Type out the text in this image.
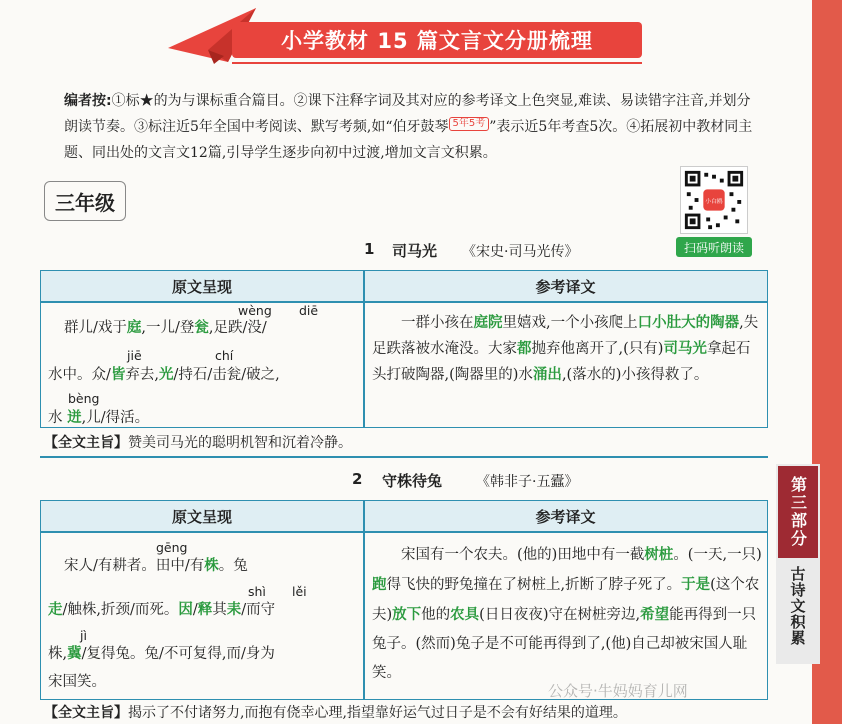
小学教材 15 篇文言文分册梳理
编者按:①标★的为与课标重合篇目。②课下注释字词及其对应的参考译文上色突显,难读、易读错字注音,并划分朗读节奏。③标注近5年全国中考阅读、默写考频,如“伯牙鼓琴 5年5考 ”表示近5年考查5次。④拓展初中教材同主题、同出处的文言文12篇,引导学生逐步向初中过渡,增加文言文积累。
三年级	小白鸥
扫码听朗读
1 司马光 《宋史·司马光传》
原文呈现	参考译文
wèng diē
群儿/戏于庭,一儿/登瓮,足跌/没/
jiē	chí
水中。众/皆弃去,光/持石/击瓮/破之,
bèng
水 迸,儿/得活。
一群小孩在庭院里嬉戏,一个小孩爬上口小肚大的陶器,失足跌落被水淹没。大家都抛弃他离开了,(只有)司马光拿起石头打破陶器,(陶器里的)水涌出,(落水的)小孩得救了。
【全文主旨】赞美司马光的聪明机智和沉着冷静。
2 守株待兔 《韩非子·五蠹》
原文呈现	参考译文
gēng
宋人/有耕者。田中/有株。兔
shì lěi
走/触株,折颈/而死。因/释其耒/而守
jì
株,冀/复得兔。兔/不可复得,而/身为
宋国笑。
宋国有一个农夫。(他的)田地中有一截树桩。(一天,一只)跑得飞快的野兔撞在了树桩上,折断了脖子死了。于是(这个农夫)放下他的农具(日日夜夜)守在树桩旁边,希望能再得到一只兔子。(然而)兔子是不可能再得到了,(他)自己却被宋国人耻笑。
【全文主旨】揭示了不付诸努力,而抱有侥幸心理,指望靠好运气过日子是不会有好结果的道理。
第三部分
古诗文积累
公众号·牛妈妈育儿网
